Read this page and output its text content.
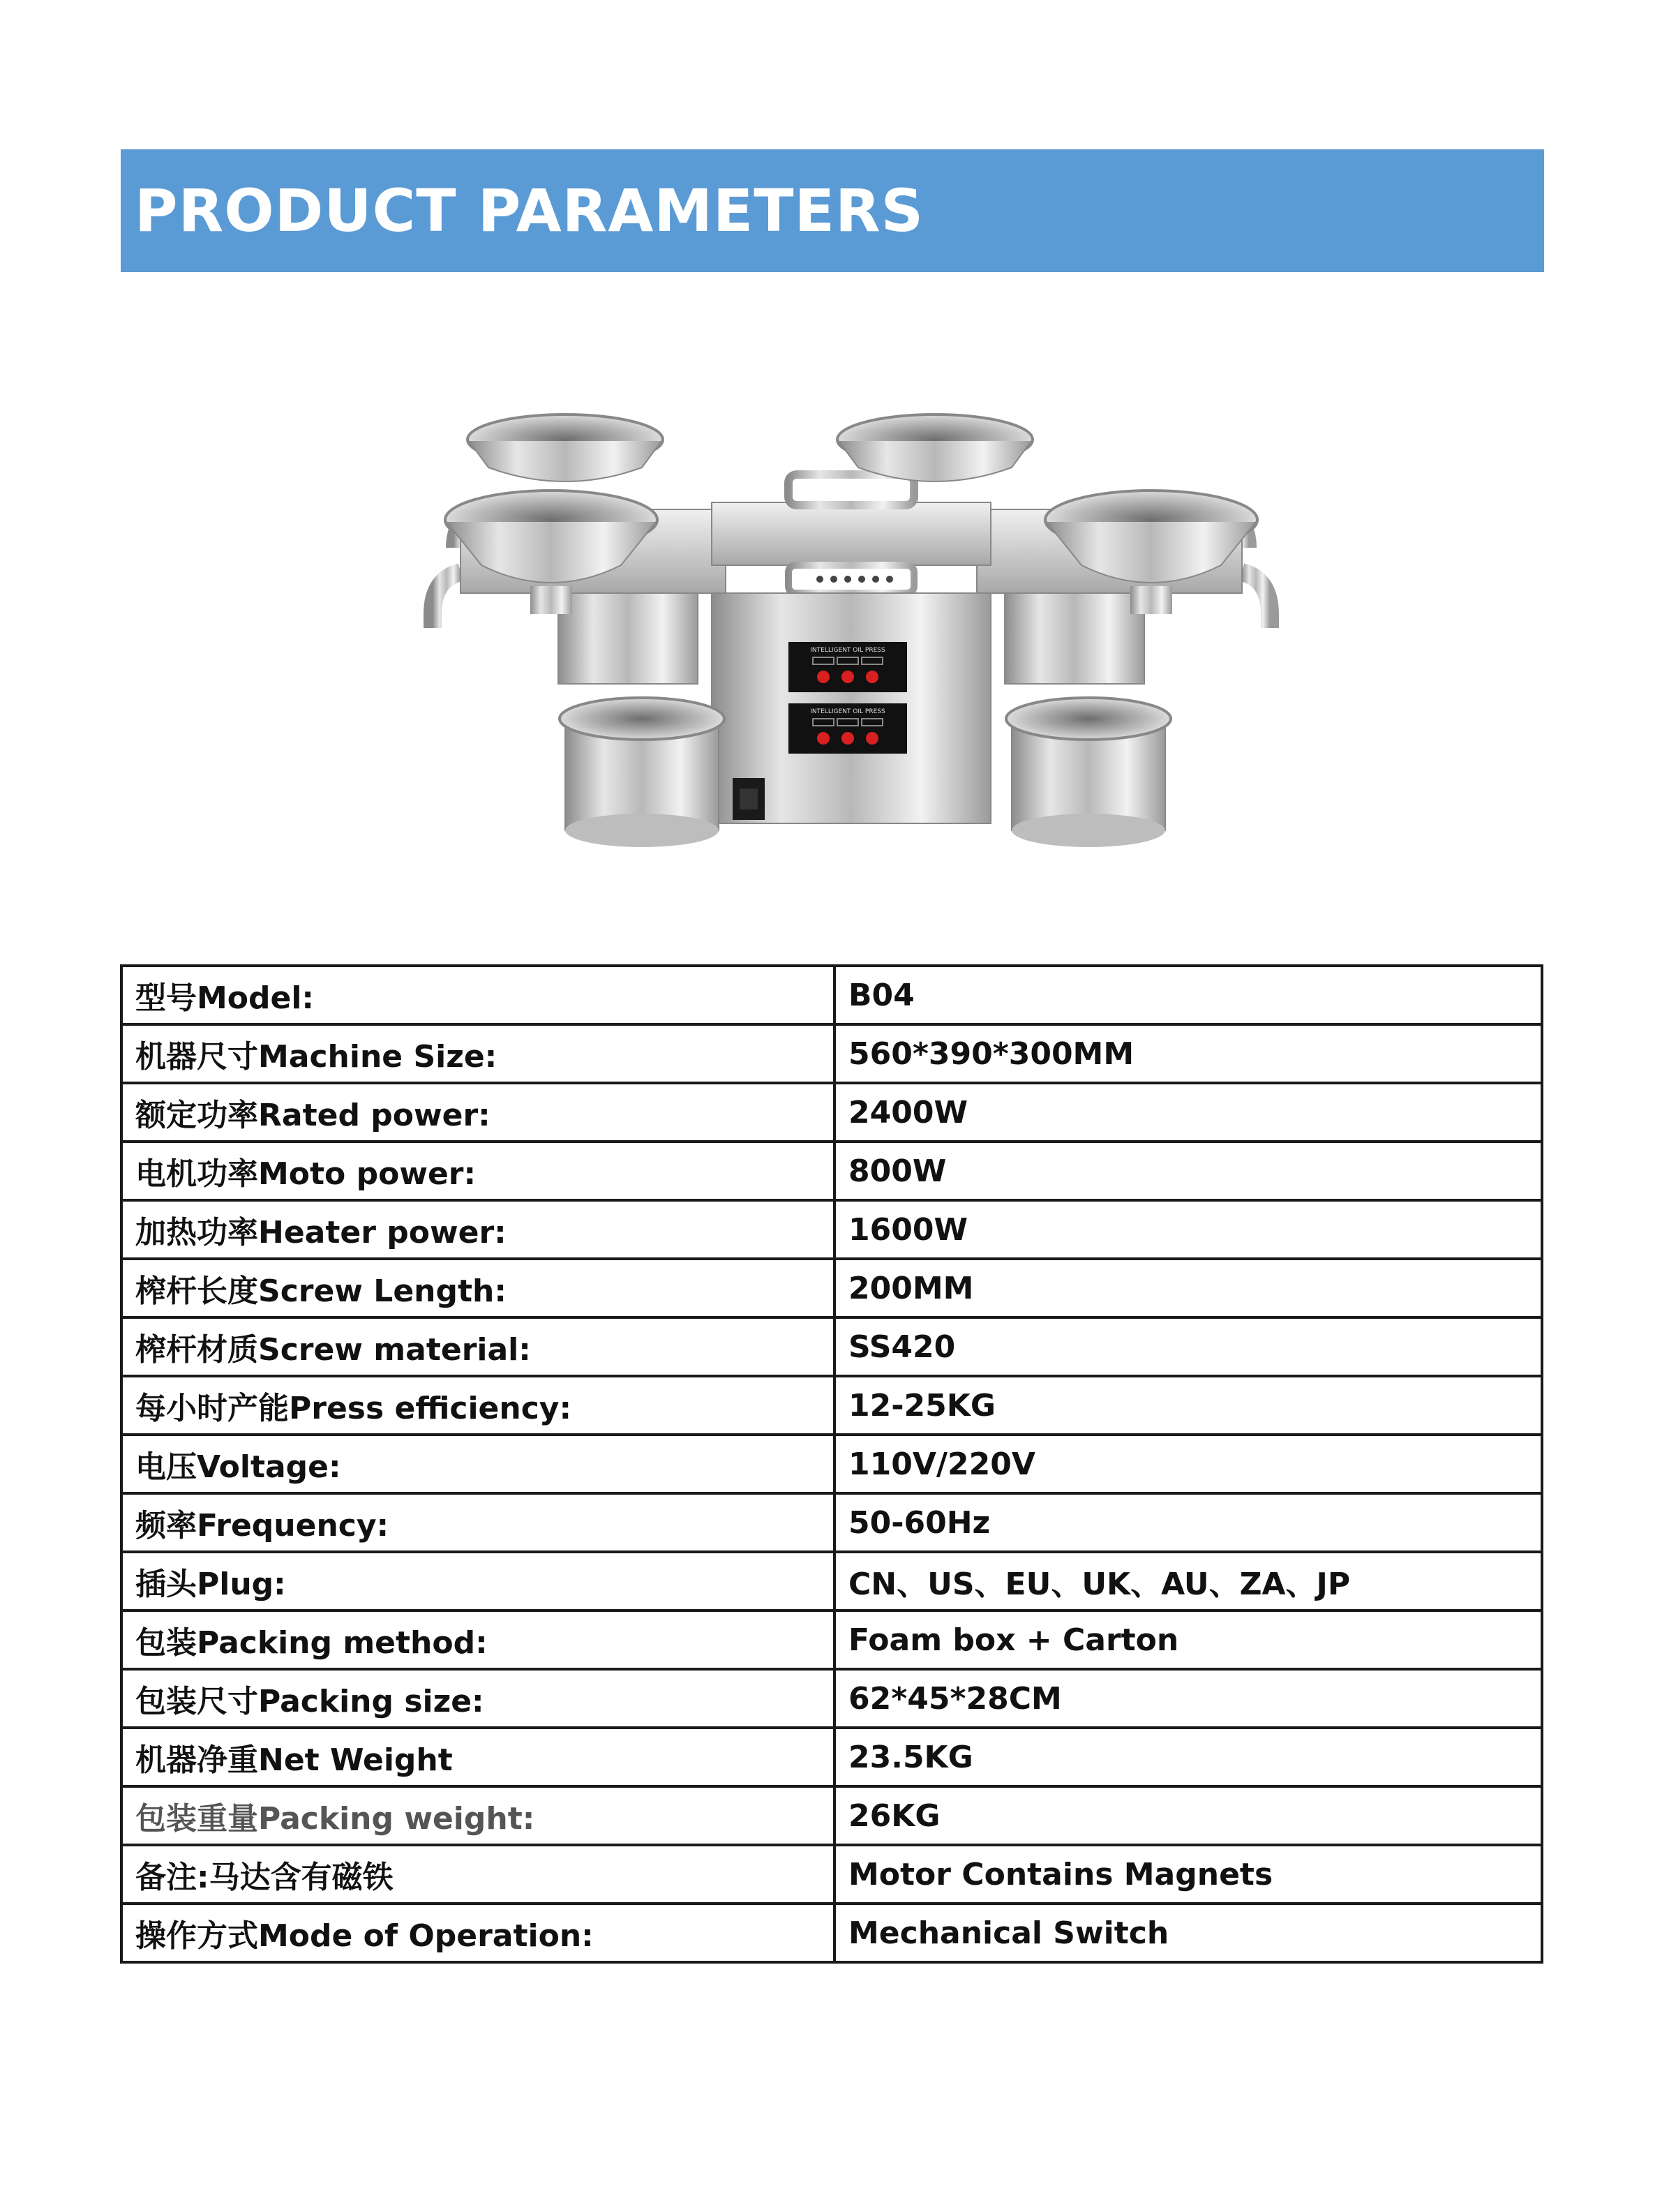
PRODUCT PARAMETERS
INTELLIGENT OIL PRESS
INTELLIGENT OIL PRESS
型号Model:	B04
机器尺寸Machine Size:	560*390*300MM
额定功率Rated power:	2400W
电机功率Moto power:	800W
加热功率Heater power:	1600W
榨杆长度Screw Length:	200MM
榨杆材质Screw material:	SS420
每小时产能Press efficiency:	12-25KG
电压Voltage:	110V/220V
频率Frequency:	50-60Hz
插头Plug:	CN、US、EU、UK、AU、ZA、JP
包装Packing method:	Foam box + Carton
包装尺寸Packing size:	62*45*28CM
机器净重Net Weight	23.5KG
包装重量Packing weight:	26KG
备注:马达含有磁铁	Motor Contains Magnets
操作方式Mode of Operation:	Mechanical Switch
